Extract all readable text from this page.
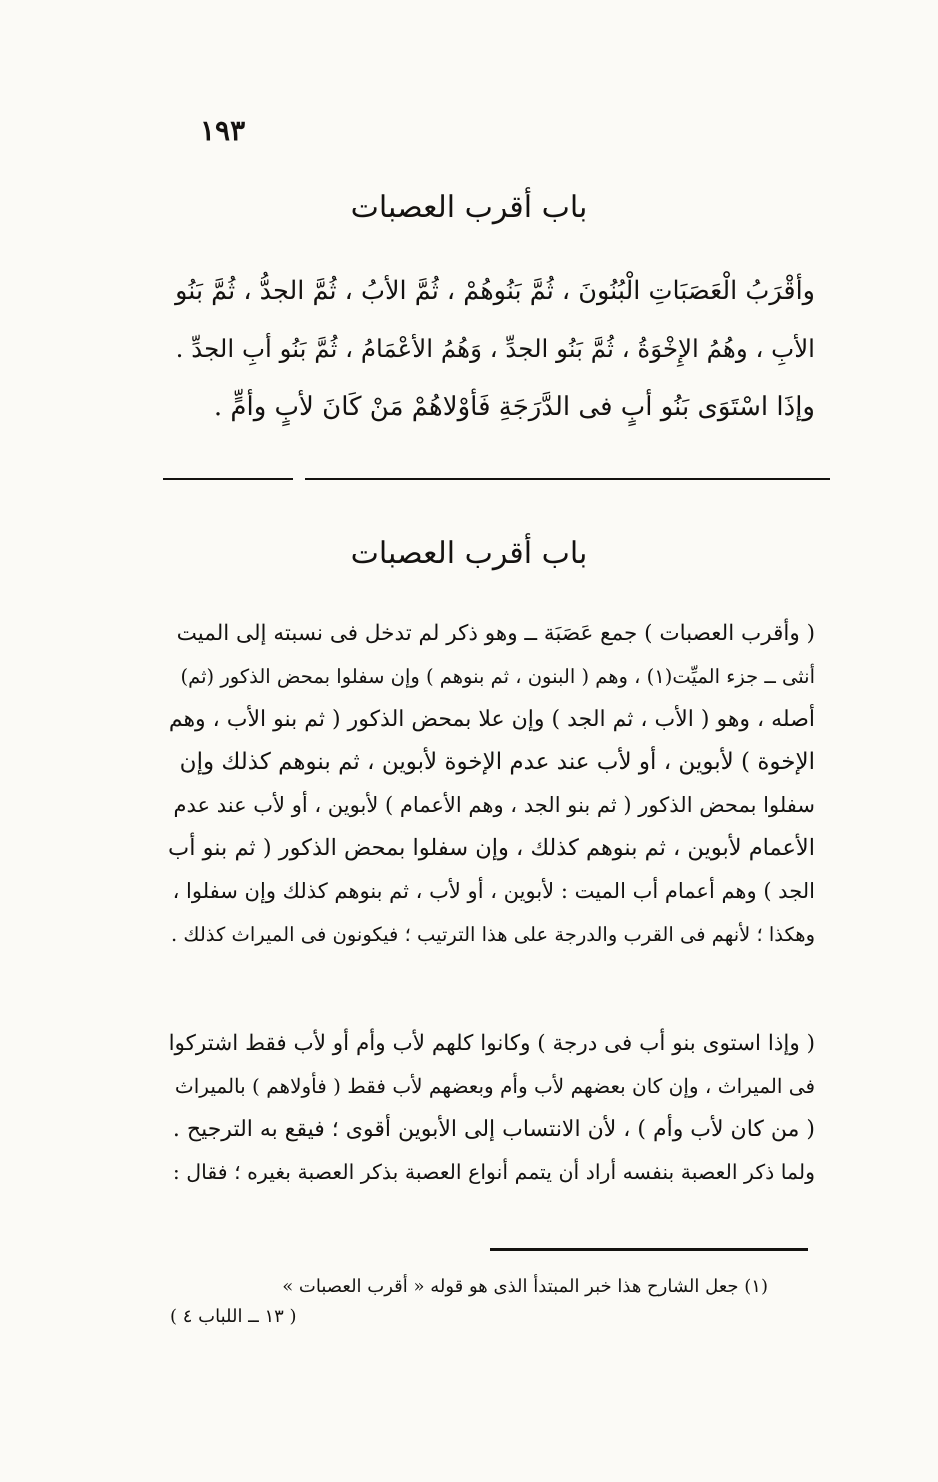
١٩٣
باب أقرب العصبات
وأقْرَبُ الْعَصَبَاتِ الْبُنُونَ ، ثُمَّ بَنُوهُمْ ، ثُمَّ الأبُ ، ثُمَّ الجدُّ ، ثُمَّ بَنُو
الأبِ ، وهُمُ الإِخْوَةُ ، ثُمَّ بَنُو الجدِّ ، وَهُمُ الأعْمَامُ ، ثُمَّ بَنُو أبِ الجدِّ .
وإذَا اسْتَوَى بَنُو أبٍ فى الدَّرَجَةِ فَأوْلاهُمْ مَنْ كَانَ لأبٍ وأمٍّ .
باب أقرب العصبات
( وأقرب العصبات ) جمع عَصَبَة ــ وهو ذكر لم تدخل فى نسبته إلى الميت
أنثى ــ جزء الميِّت(١) ، وهم ( البنون ، ثم بنوهم ) وإن سفلوا بمحض الذكور (ثم)
أصله ، وهو ( الأب ، ثم الجد ) وإن علا بمحض الذكور ( ثم بنو الأب ، وهم
الإخوة ) لأبوين ، أو لأب عند عدم الإخوة لأبوين ، ثم بنوهم كذلك وإن
سفلوا بمحض الذكور ( ثم بنو الجد ، وهم الأعمام ) لأبوين ، أو لأب عند عدم
الأعمام لأبوين ، ثم بنوهم كذلك ، وإن سفلوا بمحض الذكور ( ثم بنو أب
الجد ) وهم أعمام أب الميت : لأبوين ، أو لأب ، ثم بنوهم كذلك وإن سفلوا ،
وهكذا ؛ لأنهم فى القرب والدرجة على هذا الترتيب ؛ فيكونون فى الميراث كذلك .
( وإذا استوى بنو أب فى درجة ) وكانوا كلهم لأب وأم أو لأب فقط اشتركوا
فى الميراث ، وإن كان بعضهم لأب وأم وبعضهم لأب فقط ( فأولاهم ) بالميراث
( من كان لأب وأم ) ، لأن الانتساب إلى الأبوين أقوى ؛ فيقع به الترجيح .
ولما ذكر العصبة بنفسه أراد أن يتمم أنواع العصبة بذكر العصبة بغيره ؛ فقال :
(١) جعل الشارح هذا خبر المبتدأ الذى هو قوله « أقرب العصبات »
( ١٣ ــ اللباب ٤ )
